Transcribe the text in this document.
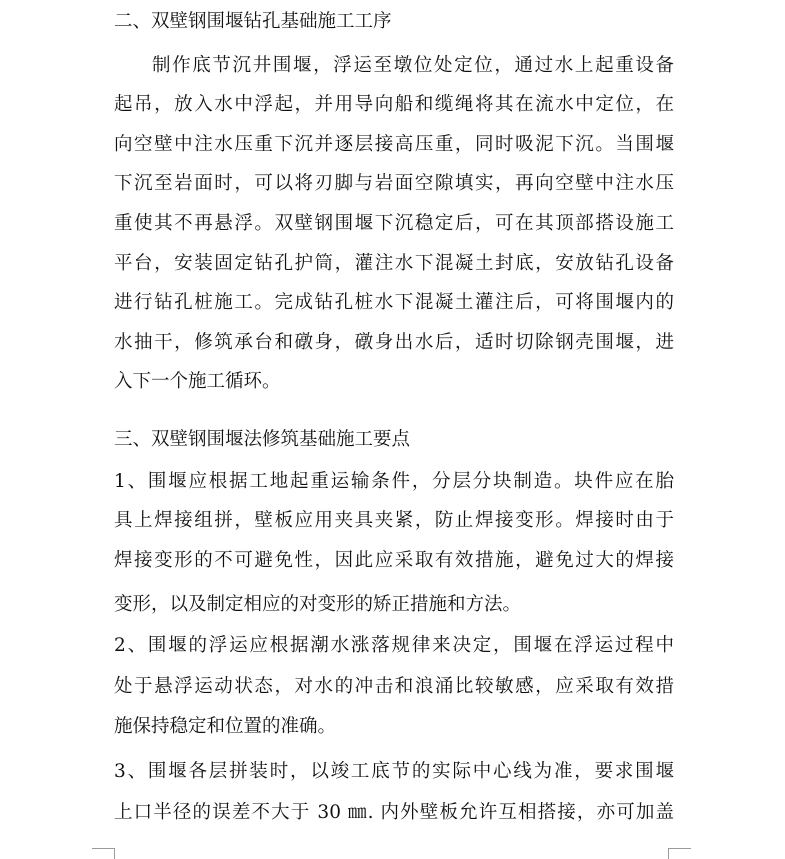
二、双壁钢围堰钻孔基础施工工序
制作底节沉井围堰，浮运至墩位处定位，通过水上起重设备
起吊，放入水中浮起，并用导向船和缆绳将其在流水中定位，在
向空壁中注水压重下沉并逐层接高压重，同时吸泥下沉。当围堰
下沉至岩面时，可以将刃脚与岩面空隙填实，再向空壁中注水压
重使其不再悬浮。双壁钢围堰下沉稳定后，可在其顶部搭设施工
平台，安装固定钻孔护筒，灌注水下混凝土封底，安放钻孔设备
进行钻孔桩施工。完成钻孔桩水下混凝土灌注后，可将围堰内的
水抽干，修筑承台和礅身，礅身出水后，适时切除钢壳围堰，进
入下一个施工循环。
三、双壁钢围堰法修筑基础施工要点
1、围堰应根据工地起重运输条件，分层分块制造。块件应在胎
具上焊接组拼，壁板应用夹具夹紧，防止焊接变形。焊接时由于
焊接变形的不可避免性，因此应采取有效措施，避免过大的焊接
变形，以及制定相应的对变形的矫正措施和方法。
2、围堰的浮运应根据潮水涨落规律来决定，围堰在浮运过程中
处于悬浮运动状态，对水的冲击和浪涌比较敏感，应采取有效措
施保持稳定和位置的准确。
3、围堰各层拼装时，以竣工底节的实际中心线为准，要求围堰
上口半径的误差不大于 30 ㎜. 内外壁板允许互相搭接，亦可加盖
